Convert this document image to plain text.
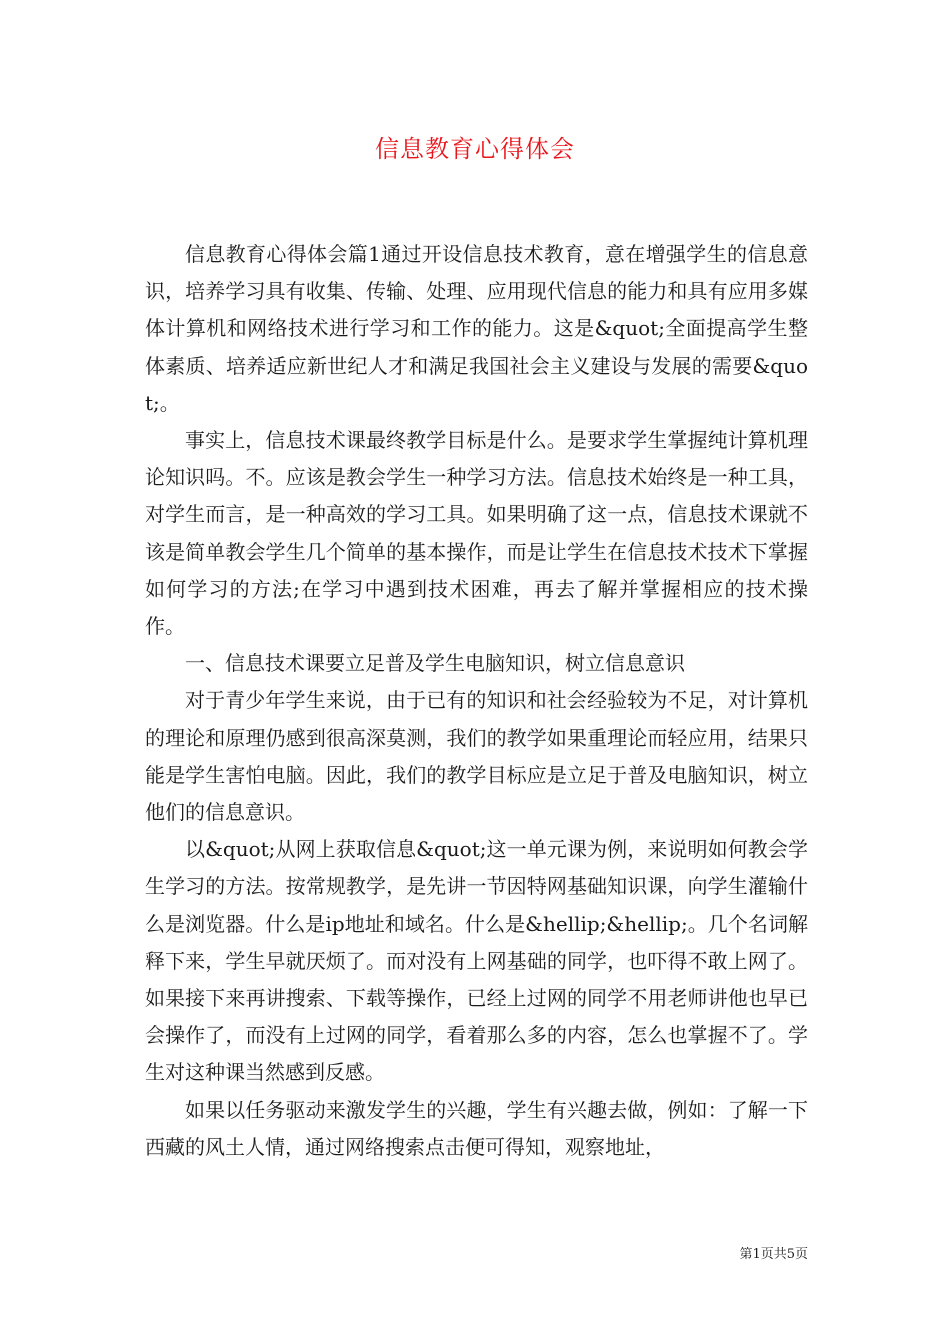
信息教育心得体会

信息教育心得体会篇1通过开设信息技术教育，意在增强学生的信息意识，培养学习具有收集、传输、处理、应用现代信息的能力和具有应用多媒体计算机和网络技术进行学习和工作的能力。这是&quot;全面提高学生整体素质、培养适应新世纪人才和满足我国社会主义建设与发展的需要&quot;。

事实上，信息技术课最终教学目标是什么。是要求学生掌握纯计算机理论知识吗。不。应该是教会学生一种学习方法。信息技术始终是一种工具，对学生而言，是一种高效的学习工具。如果明确了这一点，信息技术课就不该是简单教会学生几个简单的基本操作，而是让学生在信息技术技术下掌握如何学习的方法;在学习中遇到技术困难，再去了解并掌握相应的技术操作。

一、信息技术课要立足普及学生电脑知识，树立信息意识

对于青少年学生来说，由于已有的知识和社会经验较为不足，对计算机的理论和原理仍感到很高深莫测，我们的教学如果重理论而轻应用，结果只能是学生害怕电脑。因此，我们的教学目标应是立足于普及电脑知识，树立他们的信息意识。

以&quot;从网上获取信息&quot;这一单元课为例，来说明如何教会学生学习的方法。按常规教学，是先讲一节因特网基础知识课，向学生灌输什么是浏览器。什么是ip地址和域名。什么是&hellip;&hellip;。几个名词解释下来，学生早就厌烦了。而对没有上网基础的同学，也吓得不敢上网了。如果接下来再讲搜索、下载等操作，已经上过网的同学不用老师讲他也早已会操作了，而没有上过网的同学，看着那么多的内容，怎么也掌握不了。学生对这种课当然感到反感。

如果以任务驱动来激发学生的兴趣，学生有兴趣去做，例如：了解一下西藏的风土人情，通过网络搜索点击便可得知，观察地址，

第1页共5页
